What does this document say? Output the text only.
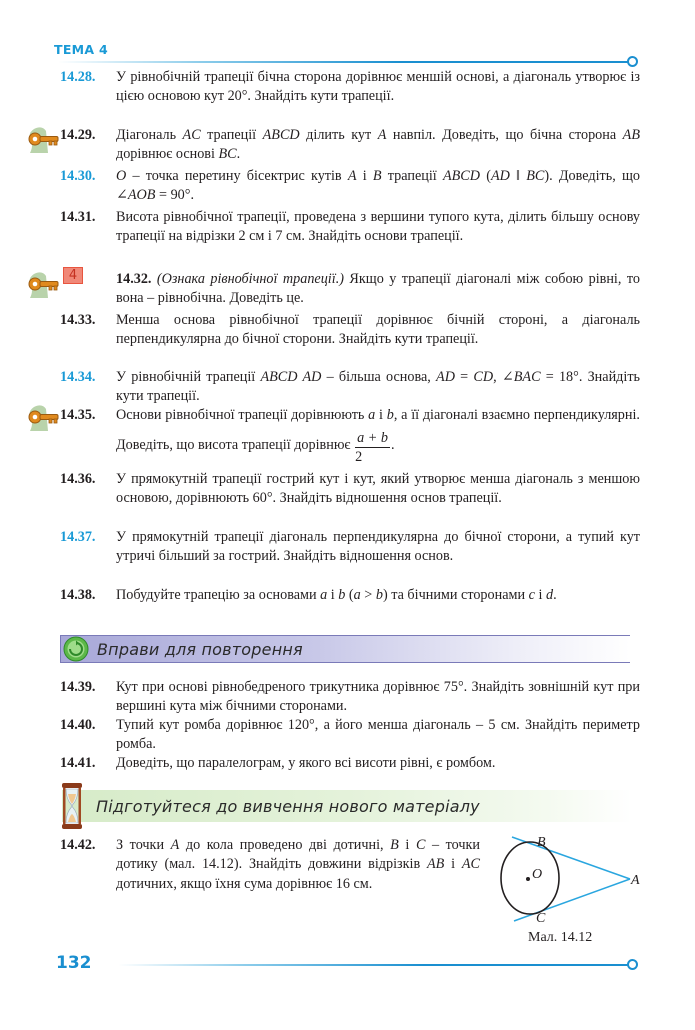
ТЕМА 4
14.28. У рівнобічній трапеції бічна сторона дорівнює меншій основі, а діагональ утворює із цією основою кут 20°. Знайдіть кути трапеції.
14.29. Діагональ AC трапеції ABCD ділить кут A навпіл. Доведіть, що бічна сторона AB дорівнює основі BC.
14.30. O – точка перетину бісектрис кутів A і B трапеції ABCD (AD ‖ BC). Доведіть, що ∠AOB = 90°.
14.31. Висота рівнобічної трапеції, проведена з вершини тупого кута, ділить більшу основу трапеції на відрізки 2 см і 7 см. Знайдіть основи трапеції.
4	14.32. (Ознака рівнобічної трапеції.) Якщо у трапеції діагоналі між собою рівні, то вона – рівнобічна. Доведіть це.
14.33. Менша основа рівнобічної трапеції дорівнює бічній стороні, а діагональ перпендикулярна до бічної сторони. Знайдіть кути трапеції.
14.34. У рівнобічній трапеції ABCD AD – більша основа, AD = CD, ∠BAC = 18°. Знайдіть кути трапеції.
14.35. Основи рівнобічної трапеції дорівнюють a і b, а її діагоналі взаємно перпендикулярні. Доведіть, що висота трапеції дорівнює $\frac{a + b}{2}$ .
14.36. У прямокутній трапеції гострий кут і кут, який утворює менша діагональ з меншою основою, дорівнюють 60°. Знайдіть відношення основ трапеції.
14.37. У прямокутній трапеції діагональ перпендикулярна до бічної сторони, а тупий кут утричі більший за гострий. Знайдіть відношення основ.
14.38. Побудуйте трапецію за основами a і b (a > b) та бічними сторонами c і d.
Вправи для повторення
14.39. Кут при основі рівнобедреного трикутника дорівнює 75°. Знайдіть зовнішній кут при вершині кута між бічними сторонами.
14.40. Тупий кут ромба дорівнює 120°, а його менша діагональ – 5 см. Знайдіть периметр ромба.
14.41. Доведіть, що паралелограм, у якого всі висоти рівні, є ромбом.
Підготуйтеся до вивчення нового матеріалу
14.42. З точки A до кола проведено дві дотичні, B і C – точки дотику (мал. 14.12). Знайдіть довжини відрізків AB і AC дотичних, якщо їхня сума дорівнює 16 см.
O
B
A
C
Мал. 14.12
132
